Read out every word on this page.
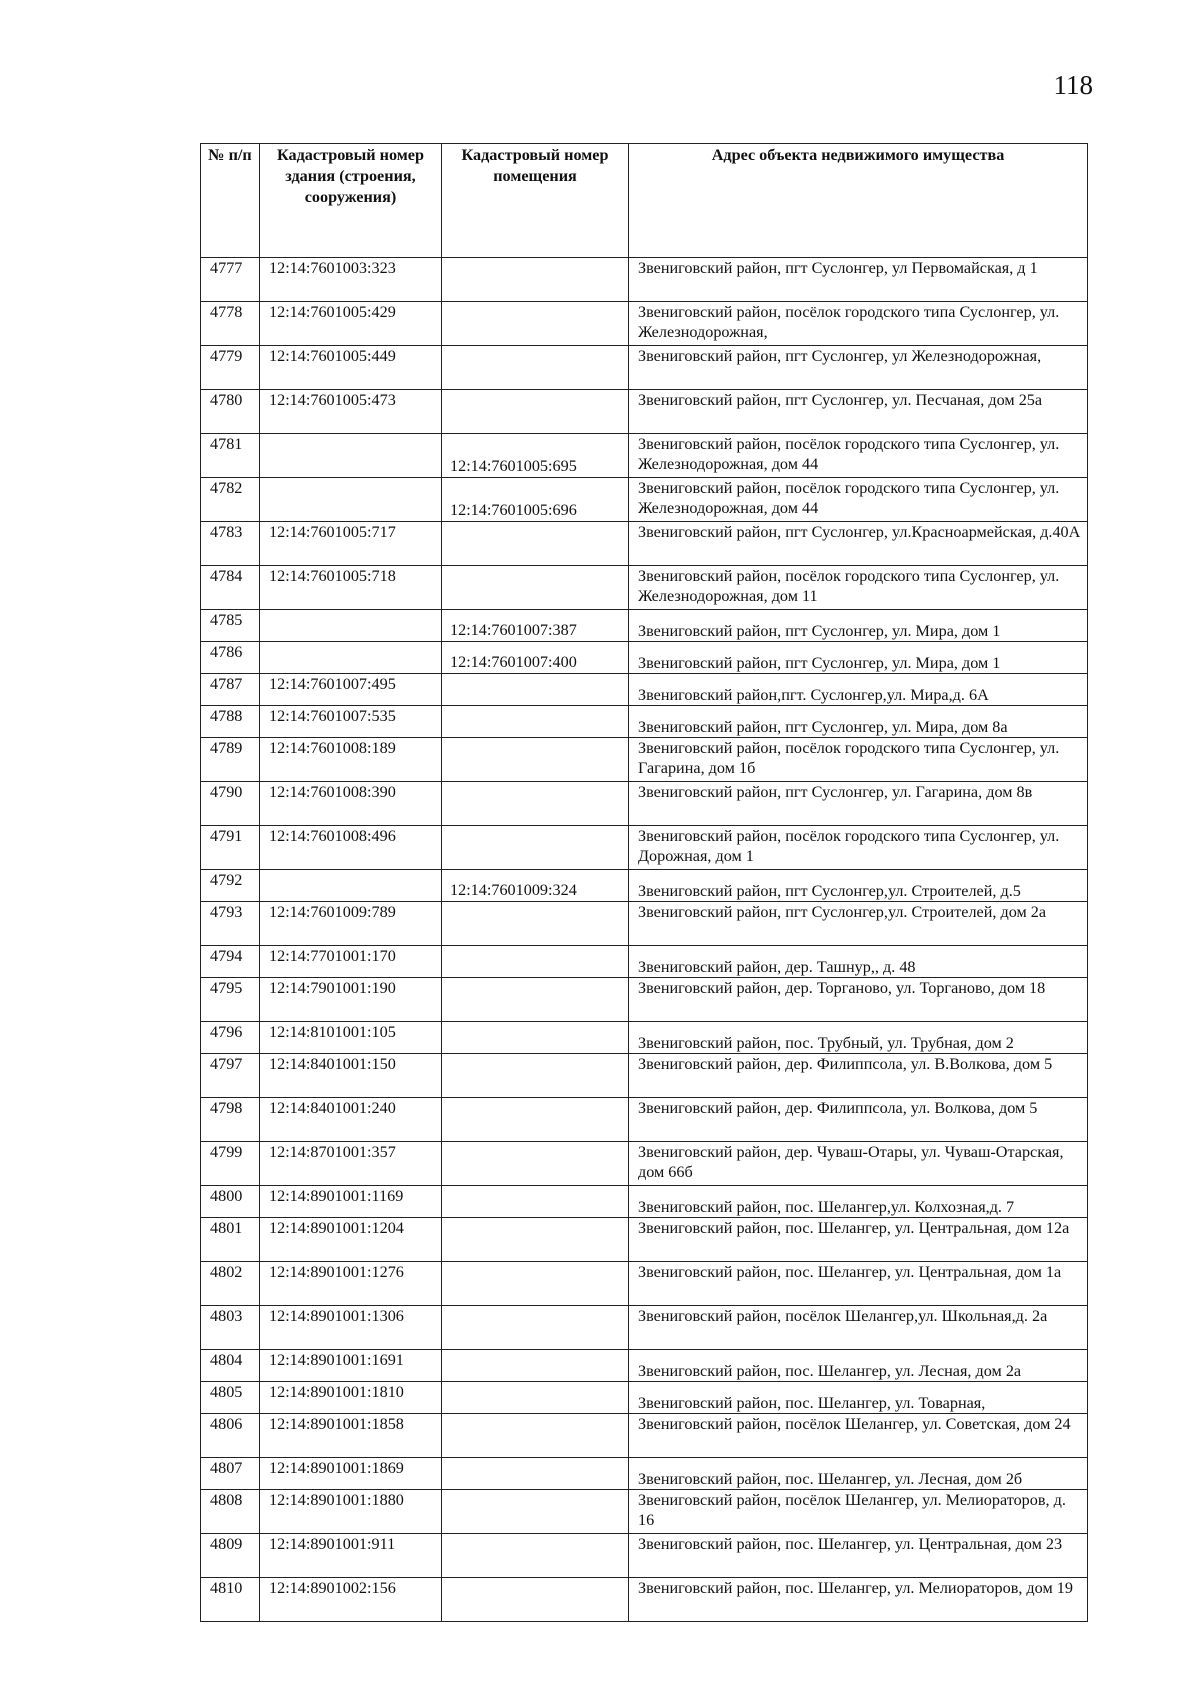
118
№ п/п	Кадастровый номер здания (строения, сооружения)	Кадастровый номер помещения	Адрес объекта недвижимого имущества
4777	12:14:7601003:323		Звениговский район, пгт Суслонгер, ул Первомайская, д 1
4778	12:14:7601005:429		Звениговский район, посёлок городского типа Суслонгер, ул. Железнодорожная,
4779	12:14:7601005:449		Звениговский район, пгт Суслонгер, ул Железнодорожная,
4780	12:14:7601005:473		Звениговский район, пгт Суслонгер, ул. Песчаная, дом 25а
4781		12:14:7601005:695	Звениговский район, посёлок городского типа Суслонгер, ул. Железнодорожная, дом 44
4782		12:14:7601005:696	Звениговский район, посёлок городского типа Суслонгер, ул. Железнодорожная, дом 44
4783	12:14:7601005:717		Звениговский район, пгт Суслонгер, ул.Красноармейская, д.40А
4784	12:14:7601005:718		Звениговский район, посёлок городского типа Суслонгер, ул. Железнодорожная, дом 11
4785		12:14:7601007:387	Звениговский район, пгт Суслонгер, ул. Мира, дом 1
4786		12:14:7601007:400	Звениговский район, пгт Суслонгер, ул. Мира, дом 1
4787	12:14:7601007:495		Звениговский район,пгт. Суслонгер,ул. Мира,д. 6А
4788	12:14:7601007:535		Звениговский район, пгт Суслонгер, ул. Мира, дом 8а
4789	12:14:7601008:189		Звениговский район, посёлок городского типа Суслонгер, ул. Гагарина, дом 1б
4790	12:14:7601008:390		Звениговский район, пгт Суслонгер, ул. Гагарина, дом 8в
4791	12:14:7601008:496		Звениговский район, посёлок городского типа Суслонгер, ул. Дорожная, дом 1
4792		12:14:7601009:324	Звениговский район, пгт Суслонгер,ул. Строителей, д.5
4793	12:14:7601009:789		Звениговский район, пгт Суслонгер,ул. Строителей, дом 2а
4794	12:14:7701001:170		Звениговский район, дер. Ташнур,, д. 48
4795	12:14:7901001:190		Звениговский район, дер. Торганово, ул. Торганово, дом 18
4796	12:14:8101001:105		Звениговский район, пос. Трубный, ул. Трубная, дом 2
4797	12:14:8401001:150		Звениговский район, дер. Филиппсола, ул. В.Волкова, дом 5
4798	12:14:8401001:240		Звениговский район, дер. Филиппсола, ул. Волкова, дом 5
4799	12:14:8701001:357		Звениговский район, дер. Чуваш-Отары, ул. Чуваш-Отарская, дом 66б
4800	12:14:8901001:1169		Звениговский район, пос. Шелангер,ул. Колхозная,д. 7
4801	12:14:8901001:1204		Звениговский район, пос. Шелангер, ул. Центральная, дом 12а
4802	12:14:8901001:1276		Звениговский район, пос. Шелангер, ул. Центральная, дом 1а
4803	12:14:8901001:1306		Звениговский район, посёлок Шелангер,ул. Школьная,д. 2а
4804	12:14:8901001:1691		Звениговский район, пос. Шелангер, ул. Лесная, дом 2а
4805	12:14:8901001:1810		Звениговский район, пос. Шелангер, ул. Товарная,
4806	12:14:8901001:1858		Звениговский район, посёлок Шелангер, ул. Советская, дом 24
4807	12:14:8901001:1869		Звениговский район, пос. Шелангер, ул. Лесная, дом 2б
4808	12:14:8901001:1880		Звениговский район, посёлок Шелангер, ул. Мелиораторов, д. 16
4809	12:14:8901001:911		Звениговский район, пос. Шелангер, ул. Центральная, дом 23
4810	12:14:8901002:156		Звениговский район, пос. Шелангер, ул. Мелиораторов, дом 19
